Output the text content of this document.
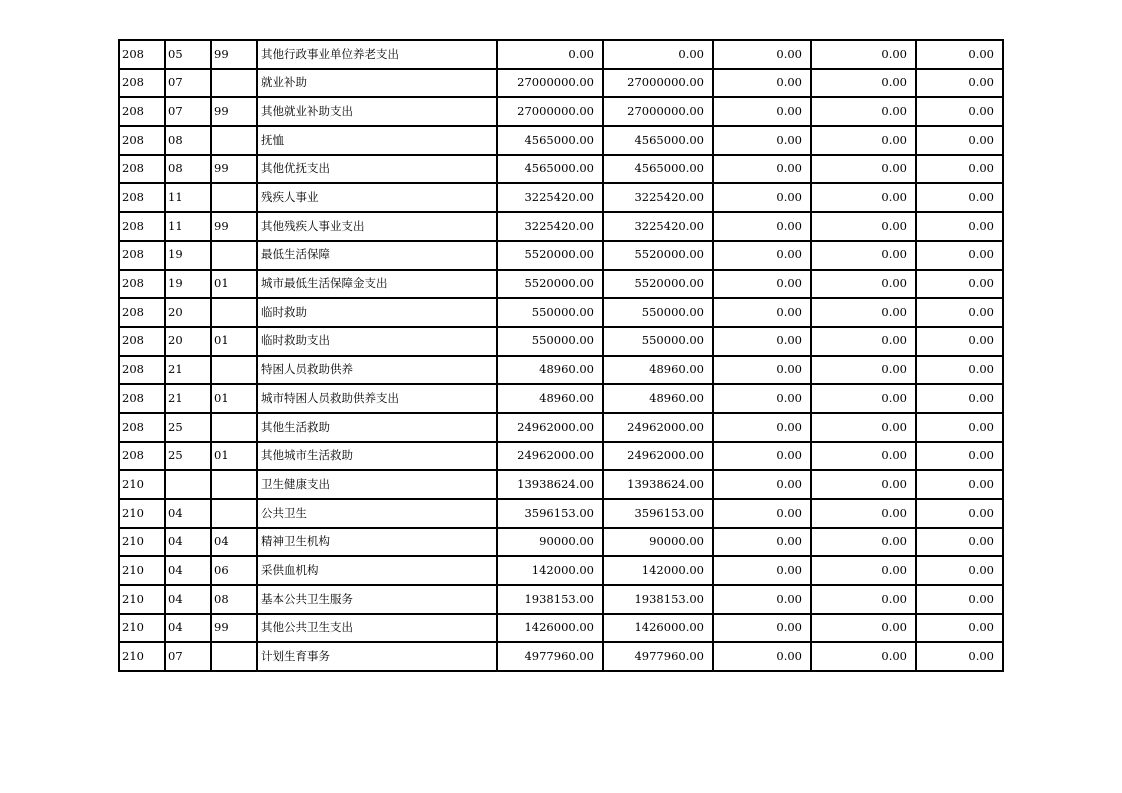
208	05	99	其他行政事业单位养老支出	0.00	0.00	0.00	0.00	0.00
208	07		就业补助	27000000.00	27000000.00	0.00	0.00	0.00
208	07	99	其他就业补助支出	27000000.00	27000000.00	0.00	0.00	0.00
208	08		抚恤	4565000.00	4565000.00	0.00	0.00	0.00
208	08	99	其他优抚支出	4565000.00	4565000.00	0.00	0.00	0.00
208	11		残疾人事业	3225420.00	3225420.00	0.00	0.00	0.00
208	11	99	其他残疾人事业支出	3225420.00	3225420.00	0.00	0.00	0.00
208	19		最低生活保障	5520000.00	5520000.00	0.00	0.00	0.00
208	19	01	城市最低生活保障金支出	5520000.00	5520000.00	0.00	0.00	0.00
208	20		临时救助	550000.00	550000.00	0.00	0.00	0.00
208	20	01	临时救助支出	550000.00	550000.00	0.00	0.00	0.00
208	21		特困人员救助供养	48960.00	48960.00	0.00	0.00	0.00
208	21	01	城市特困人员救助供养支出	48960.00	48960.00	0.00	0.00	0.00
208	25		其他生活救助	24962000.00	24962000.00	0.00	0.00	0.00
208	25	01	其他城市生活救助	24962000.00	24962000.00	0.00	0.00	0.00
210			卫生健康支出	13938624.00	13938624.00	0.00	0.00	0.00
210	04		公共卫生	3596153.00	3596153.00	0.00	0.00	0.00
210	04	04	精神卫生机构	90000.00	90000.00	0.00	0.00	0.00
210	04	06	采供血机构	142000.00	142000.00	0.00	0.00	0.00
210	04	08	基本公共卫生服务	1938153.00	1938153.00	0.00	0.00	0.00
210	04	99	其他公共卫生支出	1426000.00	1426000.00	0.00	0.00	0.00
210	07		计划生育事务	4977960.00	4977960.00	0.00	0.00	0.00
